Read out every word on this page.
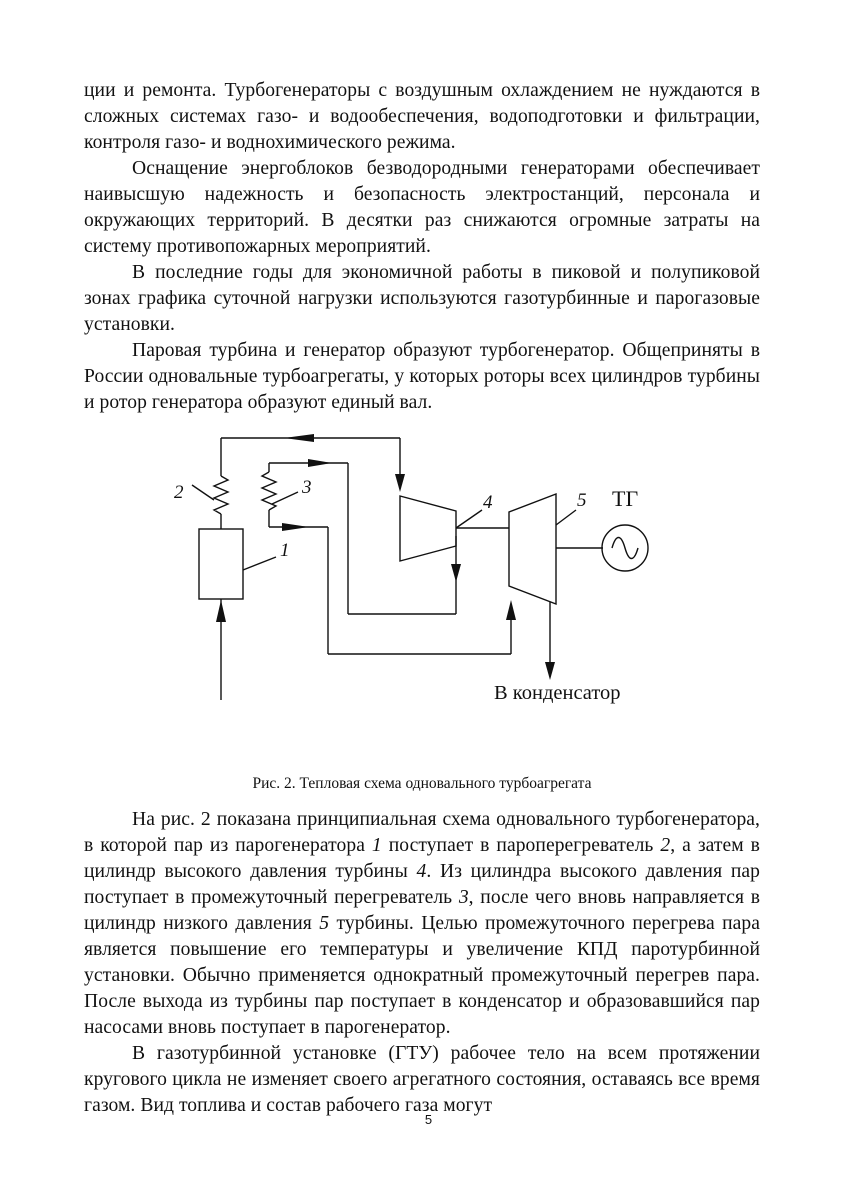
ции и ремонта. Турбогенераторы с воздушным охлаждением не нуждаются в сложных системах газо- и водообеспечения, водоподготовки и фильтрации, контроля газо- и воднохимического режима.

Оснащение энергоблоков безводородными генераторами обеспечивает наивысшую надежность и безопасность электростанций, персонала и окружающих территорий. В десятки раз снижаются огромные затраты на систему противопожарных мероприятий.

В последние годы для экономичной работы в пиковой и полупиковой зонах графика суточной нагрузки используются газотурбинные и парогазовые установки.

Паровая турбина и генератор образуют турбогенератор. Общеприняты в России одновальные турбоагрегаты, у которых роторы всех цилиндров турбины и ротор генератора образуют единый вал.

1
2	3
4	5 ТГ
В конденсатор

Рис. 2. Тепловая схема одновального турбоагрегата

На рис. 2 показана принципиальная схема одновального турбогенератора, в которой пар из парогенератора 1 поступает в пароперегреватель 2, а затем в цилиндр высокого давления турбины 4. Из цилиндра высокого давления пар поступает в промежуточный перегреватель 3, после чего вновь направляется в цилиндр низкого давления 5 турбины. Целью промежуточного перегрева пара является повышение его температуры и увеличение КПД паротурбинной установки. Обычно применяется однократный промежуточный перегрев пара. После выхода из турбины пар поступает в конденсатор и образовавшийся пар насосами вновь поступает в парогенератор.

В газотурбинной установке (ГТУ) рабочее тело на всем протяжении кругового цикла не изменяет своего агрегатного состояния, оставаясь все время газом. Вид топлива и состав рабочего газа могут

5
